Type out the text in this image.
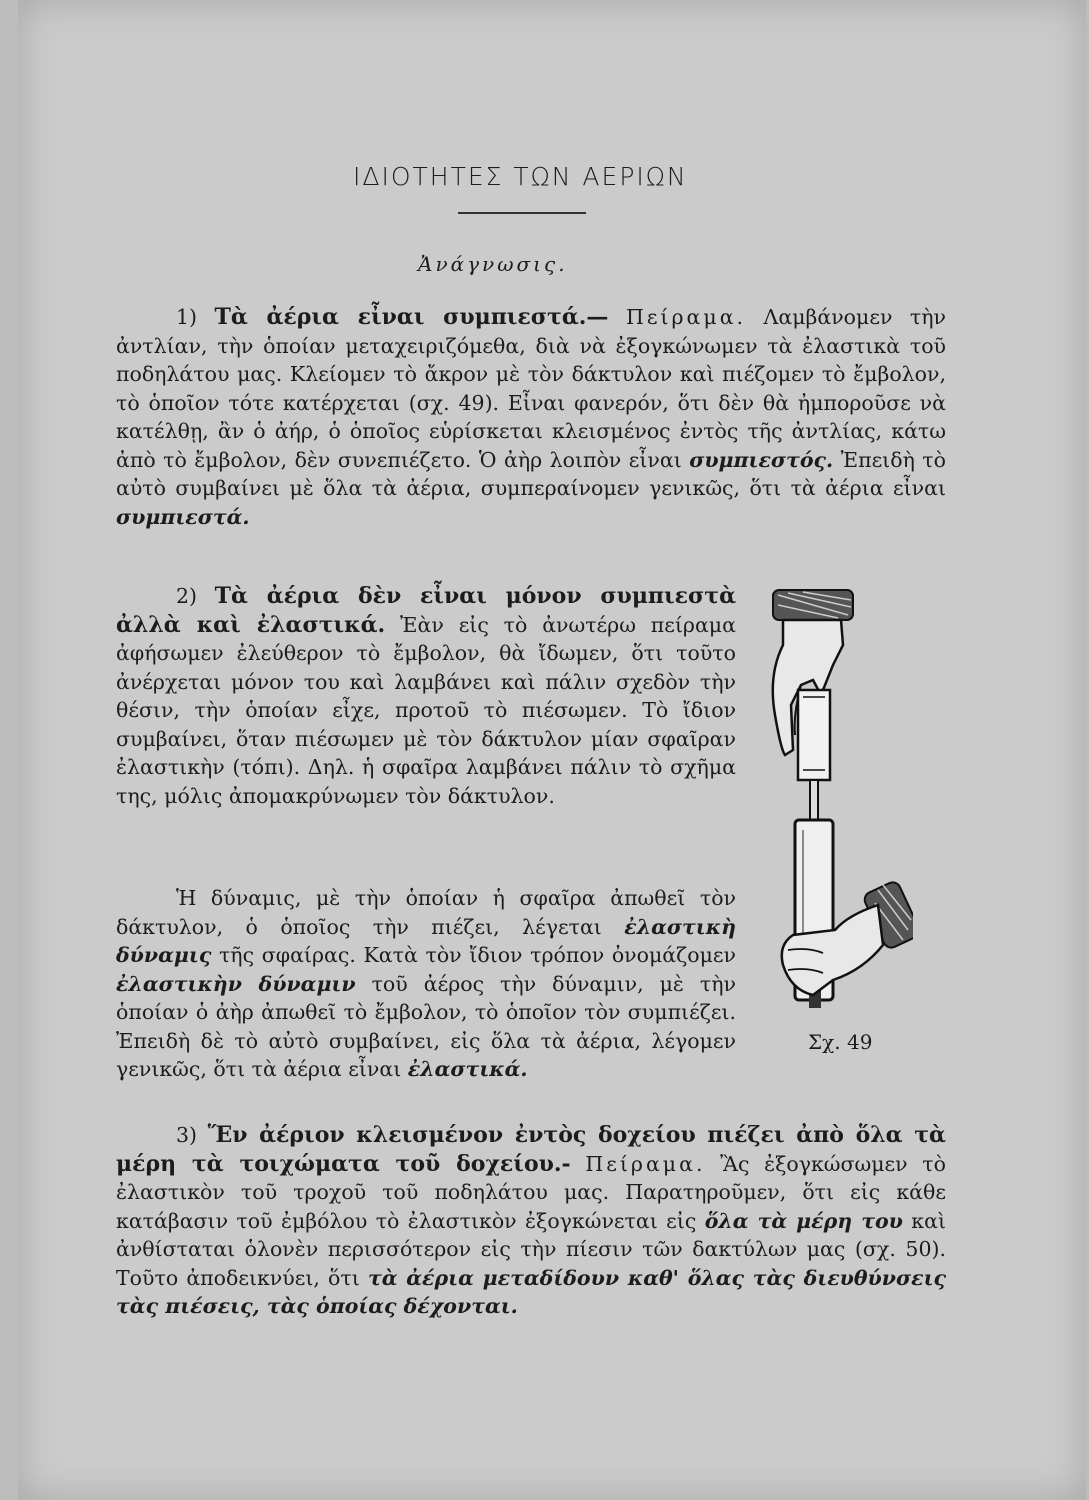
ΙΔΙΟΤΗΤΕΣ ΤΩΝ ΑΕΡΙΩΝ
Ἀνάγνωσις.

1) Τὰ ἀέρια εἶναι συμπιεστά.— Πείραμα. Λαμβάνομεν τὴν ἀντλίαν, τὴν ὁποίαν μεταχειριζόμεθα, διὰ νὰ ἐξογκώνωμεν τὰ ἐλαστικὰ τοῦ ποδηλάτου μας. Κλείομεν τὸ ἄκρον μὲ τὸν δάκτυλον καὶ πιέζομεν τὸ ἔμβολον, τὸ ὁποῖον τότε κατέρχεται (σχ. 49). Εἶναι φανερόν, ὅτι δὲν θὰ ἠμποροῦσε νὰ κατέλθῃ, ἂν ὁ ἀήρ, ὁ ὁποῖος εὑρίσκεται κλεισμένος ἐντὸς τῆς ἀντλίας, κάτω ἀπὸ τὸ ἔμβολον, δὲν συνεπιέζετο. Ὁ ἀὴρ λοιπὸν εἶναι συμπιεστός. Ἐπειδὴ τὸ αὐτὸ συμβαίνει μὲ ὅλα τὰ ἀέρια, συμπεραίνομεν γενικῶς, ὅτι τὰ ἀέρια εἶναι συμπιεστά.

2) Τὰ ἀέρια δὲν εἶναι μόνον συμπιεστὰ ἀλλὰ καὶ ἐλαστικά. Ἐὰν εἰς τὸ ἀνωτέρω πείραμα ἀφήσωμεν ἐλεύθερον τὸ ἔμβολον, θὰ ἴδωμεν, ὅτι τοῦτο ἀνέρχεται μόνον του καὶ λαμβάνει καὶ πάλιν σχεδὸν τὴν θέσιν, τὴν ὁποίαν εἶχε, προτοῦ τὸ πιέσωμεν. Τὸ ἴδιον συμβαίνει, ὅταν πιέσωμεν μὲ τὸν δάκτυλον μίαν σφαῖραν ἐλαστικὴν (τόπι). Δηλ. ἡ σφαῖρα λαμβάνει πάλιν τὸ σχῆμα της, μόλις ἀπομακρύνωμεν τὸν δάκτυλον.

Ἡ δύναμις, μὲ τὴν ὁποίαν ἡ σφαῖρα ἀπωθεῖ τὸν δάκτυλον, ὁ ὁποῖος τὴν πιέζει, λέγεται ἐλαστικὴ δύναμις τῆς σφαίρας. Κατὰ τὸν ἴδιον τρόπον ὀνομάζομεν ἐλαστικὴν δύναμιν τοῦ ἀέρος τὴν δύναμιν, μὲ τὴν ὁποίαν ὁ ἀὴρ ἀπωθεῖ τὸ ἔμβολον, τὸ ὁποῖον τὸν συμπιέζει. Ἐπειδὴ δὲ τὸ αὐτὸ συμβαίνει, εἰς ὅλα τὰ ἀέρια, λέγομεν γενικῶς, ὅτι τὰ ἀέρια εἶναι ἐλαστικά.

3) Ἕν ἀέριον κλεισμένον ἐντὸς δοχείου πιέζει ἀπὸ ὅλα τὰ μέρη τὰ τοιχώματα τοῦ δοχείου.- Πείραμα. Ἂς ἐξογκώσωμεν τὸ ἐλαστικὸν τοῦ τροχοῦ τοῦ ποδηλάτου μας. Παρατηροῦμεν, ὅτι εἰς κάθε κατάβασιν τοῦ ἐμβόλου τὸ ἐλαστικὸν ἐξογκώνεται εἰς ὅλα τὰ μέρη του καὶ ἀνθίσταται ὁλονὲν περισσότερον εἰς τὴν πίεσιν τῶν δακτύλων μας (σχ. 50). Τοῦτο ἀποδεικνύει, ὅτι τὰ ἀέρια μεταδίδουν καθ' ὅλας τὰς διευθύνσεις τὰς πιέσεις, τὰς ὁποίας δέχονται.

Σχ. 49
